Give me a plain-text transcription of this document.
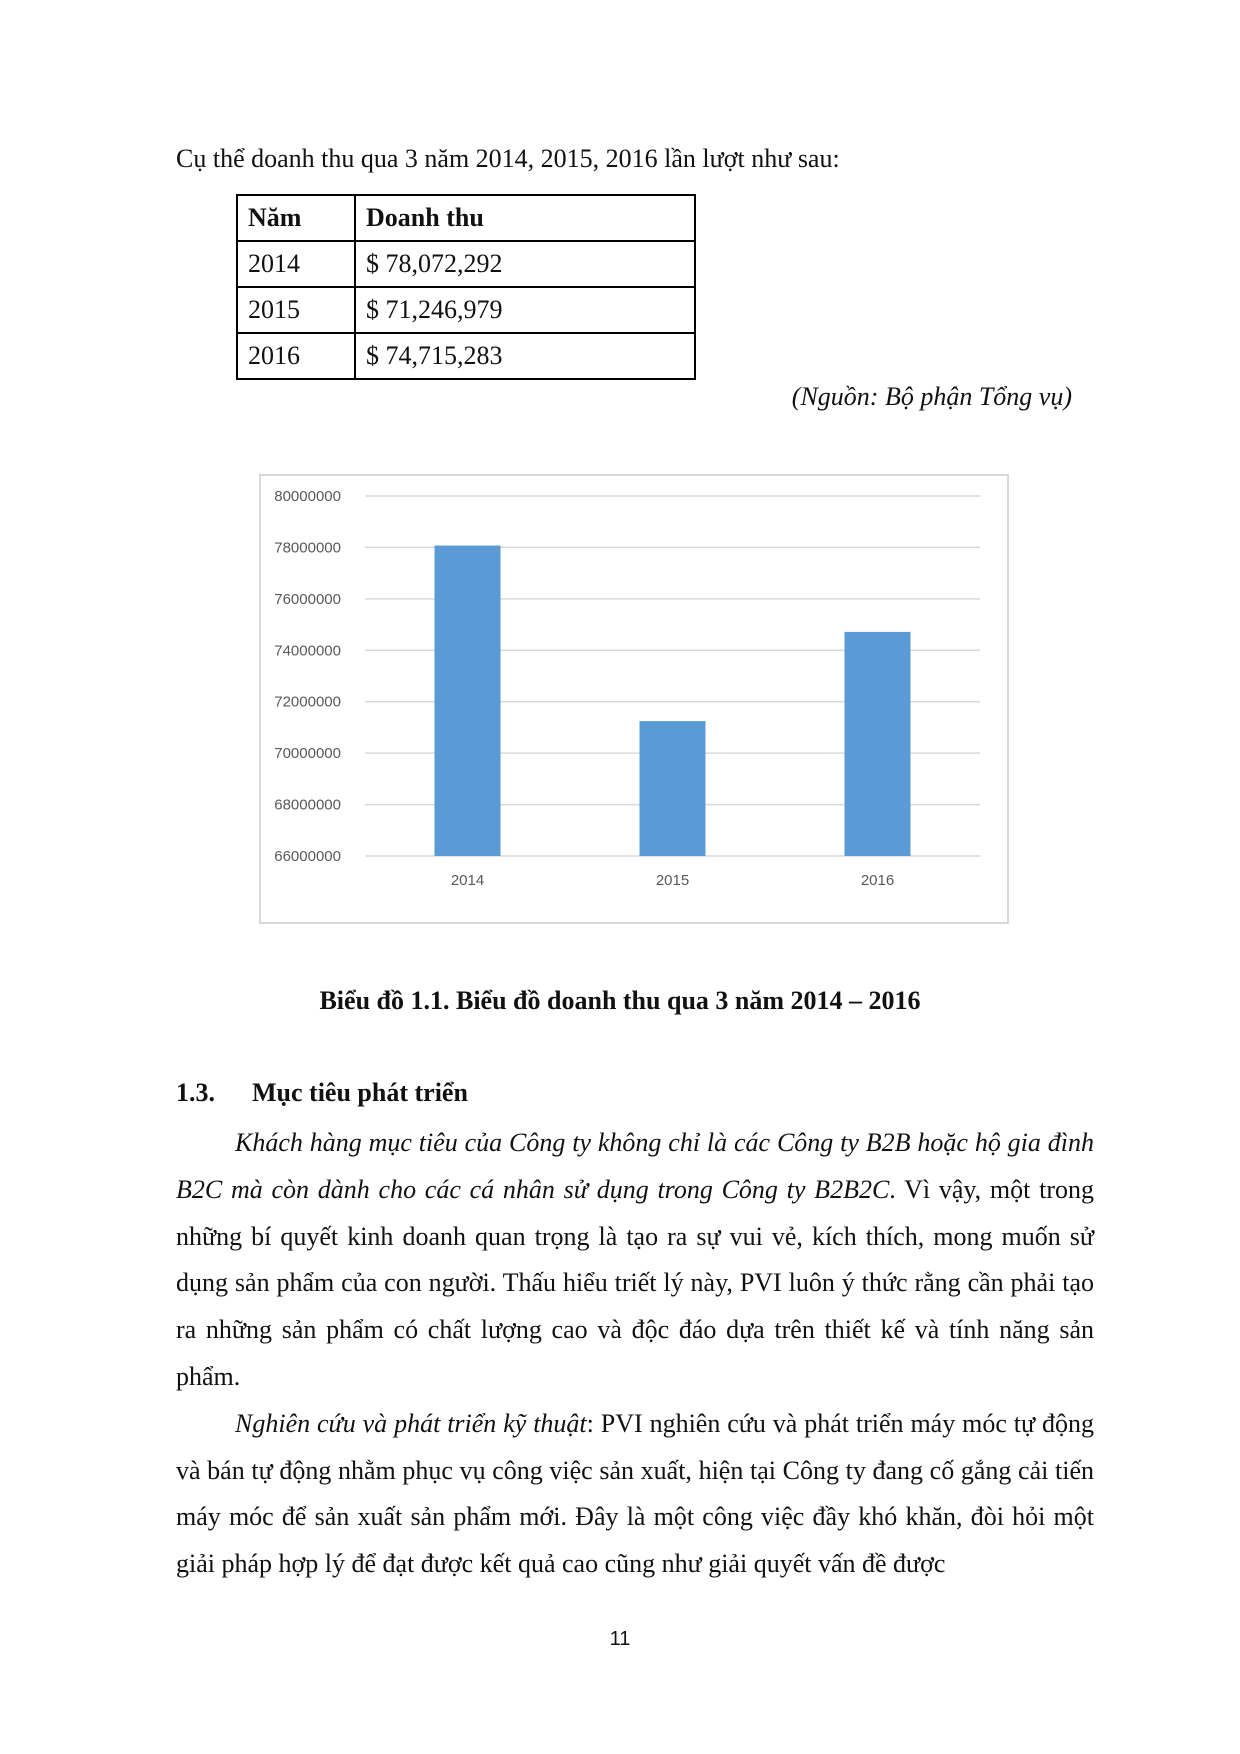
Cụ thể doanh thu qua 3 năm 2014, 2015, 2016 lần lượt như sau:
Năm	Doanh thu
2014	$ 78,072,292
2015	$ 71,246,979
2016	$ 74,715,283
(Nguồn: Bộ phận Tổng vụ)
66000000
68000000
70000000
72000000
74000000
76000000
78000000
80000000
2014	2015	2016
Biểu đồ 1.1. Biểu đồ doanh thu qua 3 năm 2014 – 2016
1.3. Mục tiêu phát triển

Khách hàng mục tiêu của Công ty không chỉ là các Công ty B2B hoặc hộ gia đình B2C mà còn dành cho các cá nhân sử dụng trong Công ty B2B2C. Vì vậy, một trong những bí quyết kinh doanh quan trọng là tạo ra sự vui vẻ, kích thích, mong muốn sử dụng sản phẩm của con người. Thấu hiểu triết lý này, PVI luôn ý thức rằng cần phải tạo ra những sản phẩm có chất lượng cao và độc đáo dựa trên thiết kế và tính năng sản phẩm.

Nghiên cứu và phát triển kỹ thuật: PVI nghiên cứu và phát triển máy móc tự động và bán tự động nhằm phục vụ công việc sản xuất, hiện tại Công ty đang cố gắng cải tiến máy móc để sản xuất sản phẩm mới. Đây là một công việc đầy khó khăn, đòi hỏi một giải pháp hợp lý để đạt được kết quả cao cũng như giải quyết vấn đề được

11
